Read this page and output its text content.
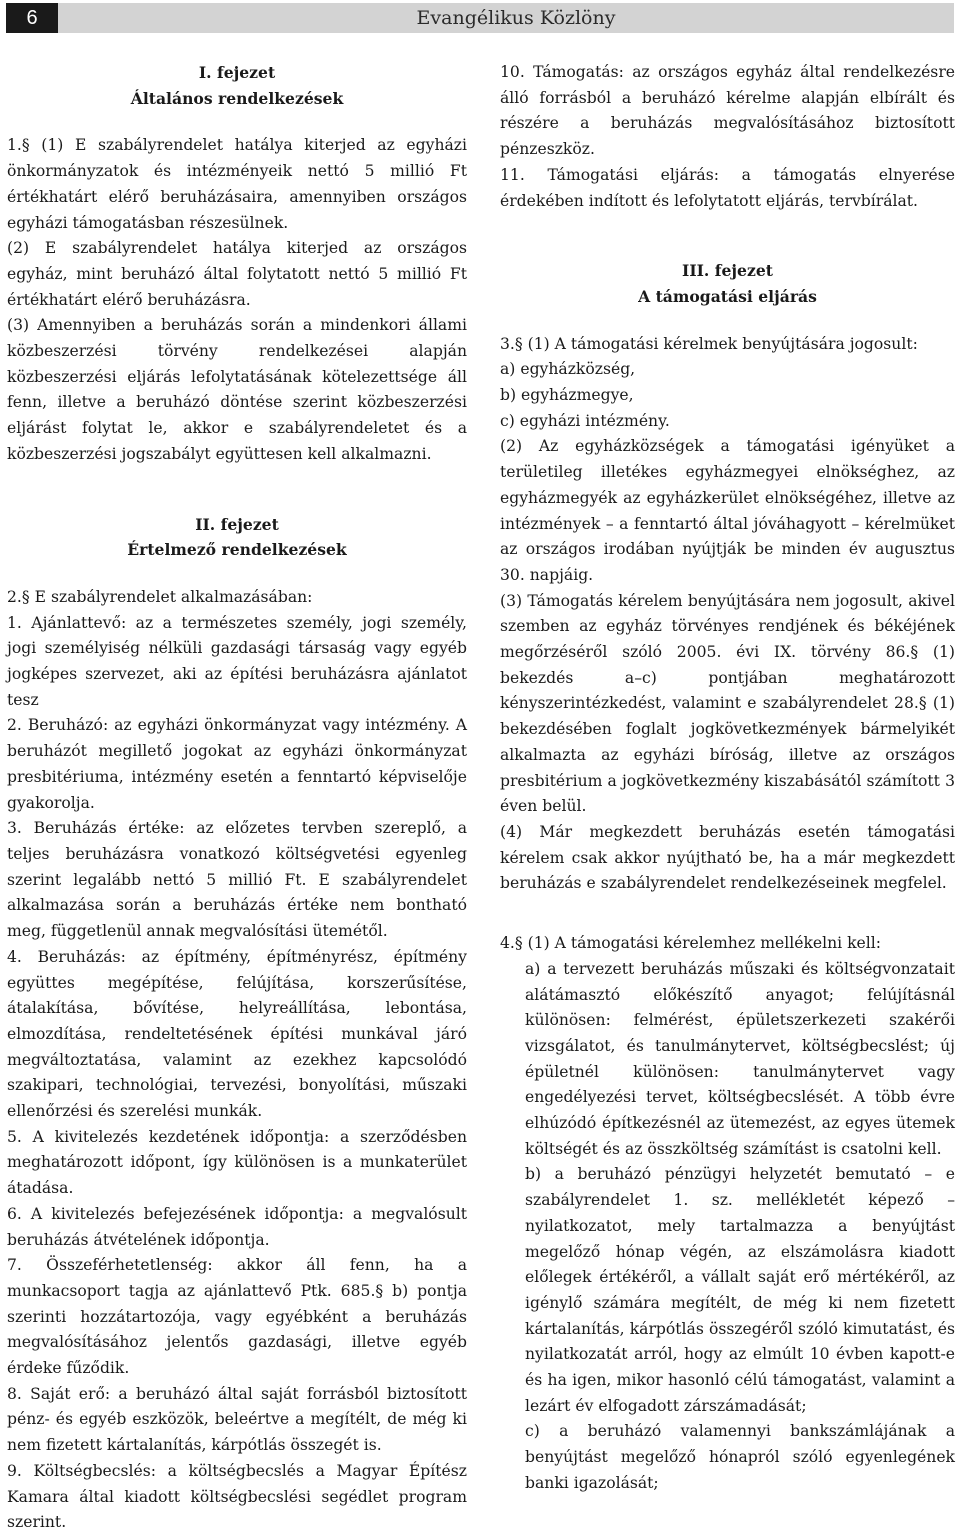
6	Evangélikus Közlöny

I. fejezet

Általános rendelkezések

1.§ (1) E szabályrendelet hatálya kiterjed az egyházi önkormányzatok és intézményeik nettó 5 millió Ft értékhatárt elérő beruházásaira, amennyiben országos egyházi támogatásban részesülnek.

(2) E szabályrendelet hatálya kiterjed az országos egyház, mint beruházó által folytatott nettó 5 millió Ft értékhatárt elérő beruházásra.

(3) Amennyiben a beruházás során a mindenkori állami közbeszerzési törvény rendelkezései alapján közbeszerzési eljárás lefolytatásának kötelezettsége áll fenn, illetve a beruházó döntése szerint közbeszerzési eljárást folytat le, akkor e szabályrendeletet és a közbeszerzési jogszabályt együttesen kell alkalmazni.

II. fejezet

Értelmező rendelkezések

2.§ E szabályrendelet alkalmazásában:

1. Ajánlattevő: az a természetes személy, jogi személy, jogi személyiség nélküli gazdasági társaság vagy egyéb jogképes szervezet, aki az építési beruházásra ajánlatot tesz

2. Beruházó: az egyházi önkormányzat vagy intézmény. A beruházót megillető jogokat az egyházi önkormányzat presbitériuma, intézmény esetén a fenntartó képviselője gyakorolja.

3. Beruházás értéke: az előzetes tervben szereplő, a teljes beruházásra vonatkozó költségvetési egyenleg szerint legalább nettó 5 millió Ft. E szabályrendelet alkalmazása során a beruházás értéke nem bontható meg, függetlenül annak megvalósítási ütemétől.

4. Beruházás: az építmény, építményrész, építmény együttes megépítése, felújítása, korszerűsítése, átalakítása, bővítése, helyreállítása, lebontása, elmozdítása, rendeltetésének építési munkával járó megváltoztatása, valamint az ezekhez kapcsolódó szakipari, technológiai, tervezési, bonyolítási, műszaki ellenőrzési és szerelési munkák.

5. A kivitelezés kezdetének időpontja: a szerződésben meghatározott időpont, így különösen is a munkaterület átadása.

6. A kivitelezés befejezésének időpontja: a megvalósult beruházás átvételének időpontja.

7. Összeférhetetlenség: akkor áll fenn, ha a munkacsoport tagja az ajánlattevő Ptk. 685.§ b) pontja szerinti hozzátartozója, vagy egyébként a beruházás megvalósításához jelentős gazdasági, illetve egyéb érdeke fűződik.

8. Saját erő: a beruházó által saját forrásból biztosított pénz- és egyéb eszközök, beleértve a megítélt, de még ki nem fizetett kártalanítás, kárpótlás összegét is.

9. Költségbecslés: a költségbecslés a Magyar Építész Kamara által kiadott költségbecslési segédlet program szerint.

10. Támogatás: az országos egyház által rendelkezésre álló forrásból a beruházó kérelme alapján elbírált és részére a beruházás megvalósításához biztosított pénzeszköz.

11. Támogatási eljárás: a támogatás elnyerése érdekében indított és lefolytatott eljárás, tervbírálat.

III. fejezet

A támogatási eljárás

3.§ (1) A támogatási kérelmek benyújtására jogosult:

a) egyházközség,

b) egyházmegye,

c) egyházi intézmény.

(2) Az egyházközségek a támogatási igényüket a területileg illetékes egyházmegyei elnökséghez, az egyházmegyék az egyházkerület elnökségéhez, illetve az intézmények – a fenntartó által jóváhagyott – kérelmüket az országos irodában nyújtják be minden év augusztus 30. napjáig.

(3) Támogatás kérelem benyújtására nem jogosult, akivel szemben az egyház törvényes rendjének és békéjének megőrzéséről szóló 2005. évi IX. törvény 86.§ (1) bekezdés a–c) pontjában meghatározott kényszerintézkedést, valamint e szabályrendelet 28.§ (1) bekezdésében foglalt jogkövetkezmények bármelyikét alkalmazta az egyházi bíróság, illetve az országos presbitérium a jogkövetkezmény kiszabásától számított 3 éven belül.

(4) Már megkezdett beruházás esetén támogatási kérelem csak akkor nyújtható be, ha a már megkezdett beruházás e szabályrendelet rendelkezéseinek megfelel.

4.§ (1) A támogatási kérelemhez mellékelni kell:

a) a tervezett beruházás műszaki és költségvonzatait alátámasztó előkészítő anyagot; felújításnál különösen: felmérést, épületszerkezeti szakérői vizsgálatot, és tanulmánytervet, költségbecslést; új épületnél különösen: tanulmánytervet vagy engedélyezési tervet, költségbecslését. A több évre elhúzódó építkezésnél az ütemezést, az egyes ütemek költségét és az összköltség számítást is csatolni kell.

b) a beruházó pénzügyi helyzetét bemutató – e szabályrendelet 1. sz. mellékletét képező – nyilatkozatot, mely tartalmazza a benyújtást megelőző hónap végén, az elszámolásra kiadott előlegek értékéről, a vállalt saját erő mértékéről, az igénylő számára megítélt, de még ki nem fizetett kártalanítás, kárpótlás összegéről szóló kimutatást, és nyilatkozatát arról, hogy az elmúlt 10 évben kapott-e és ha igen, mikor hasonló célú támogatást, valamint a lezárt év elfogadott zárszámadását;

c) a beruházó valamennyi bankszámlájának a benyújtást megelőző hónapról szóló egyenlegének banki igazolását;
